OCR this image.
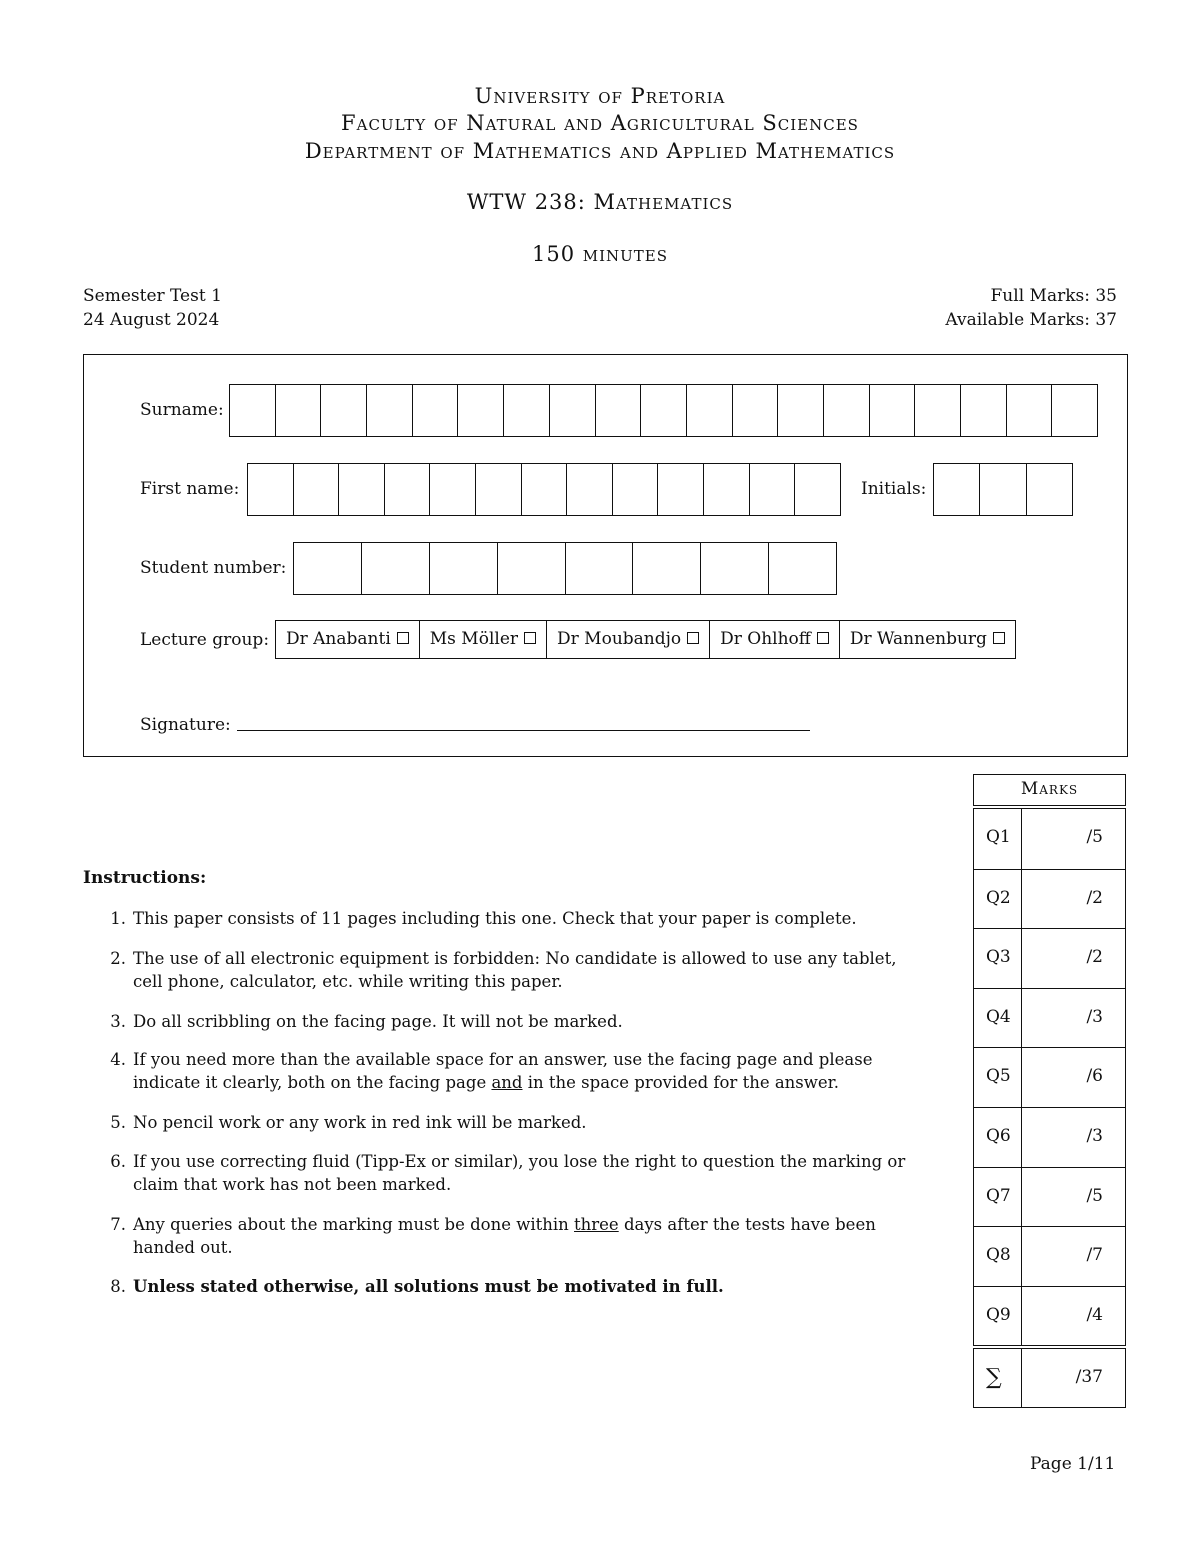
University of Pretoria
Faculty of Natural and Agricultural Sciences
Department of Mathematics and Applied Mathematics
WTW 238: Mathematics
150 minutes
Semester Test 1
24 August 2024
Full Marks: 35
Available Marks: 37
Surname:
First name:	Initials:
Student number:
Lecture group: Dr Anabanti	Ms Möller	Dr Moubandjo	Dr Ohlhoff	Dr Wannenburg
Signature:
Instructions:
1. This paper consists of 11 pages including this one. Check that your paper is complete.
2. The use of all electronic equipment is forbidden: No candidate is allowed to use any tablet, cell phone, calculator, etc. while writing this paper.
3. Do all scribbling on the facing page. It will not be marked.
4. If you need more than the available space for an answer, use the facing page and please indicate it clearly, both on the facing page and in the space provided for the answer.
5. No pencil work or any work in red ink will be marked.
6. If you use correcting fluid (Tipp-Ex or similar), you lose the right to question the marking or claim that work has not been marked.
7. Any queries about the marking must be done within three days after the tests have been handed out.
8. Unless stated otherwise, all solutions must be motivated in full.
Marks
Q1	/5
Q2	/2
Q3	/2
Q4	/3
Q5	/6
Q6	/3
Q7	/5
Q8	/7
Q9	/4
∑	/37
Page 1/11
